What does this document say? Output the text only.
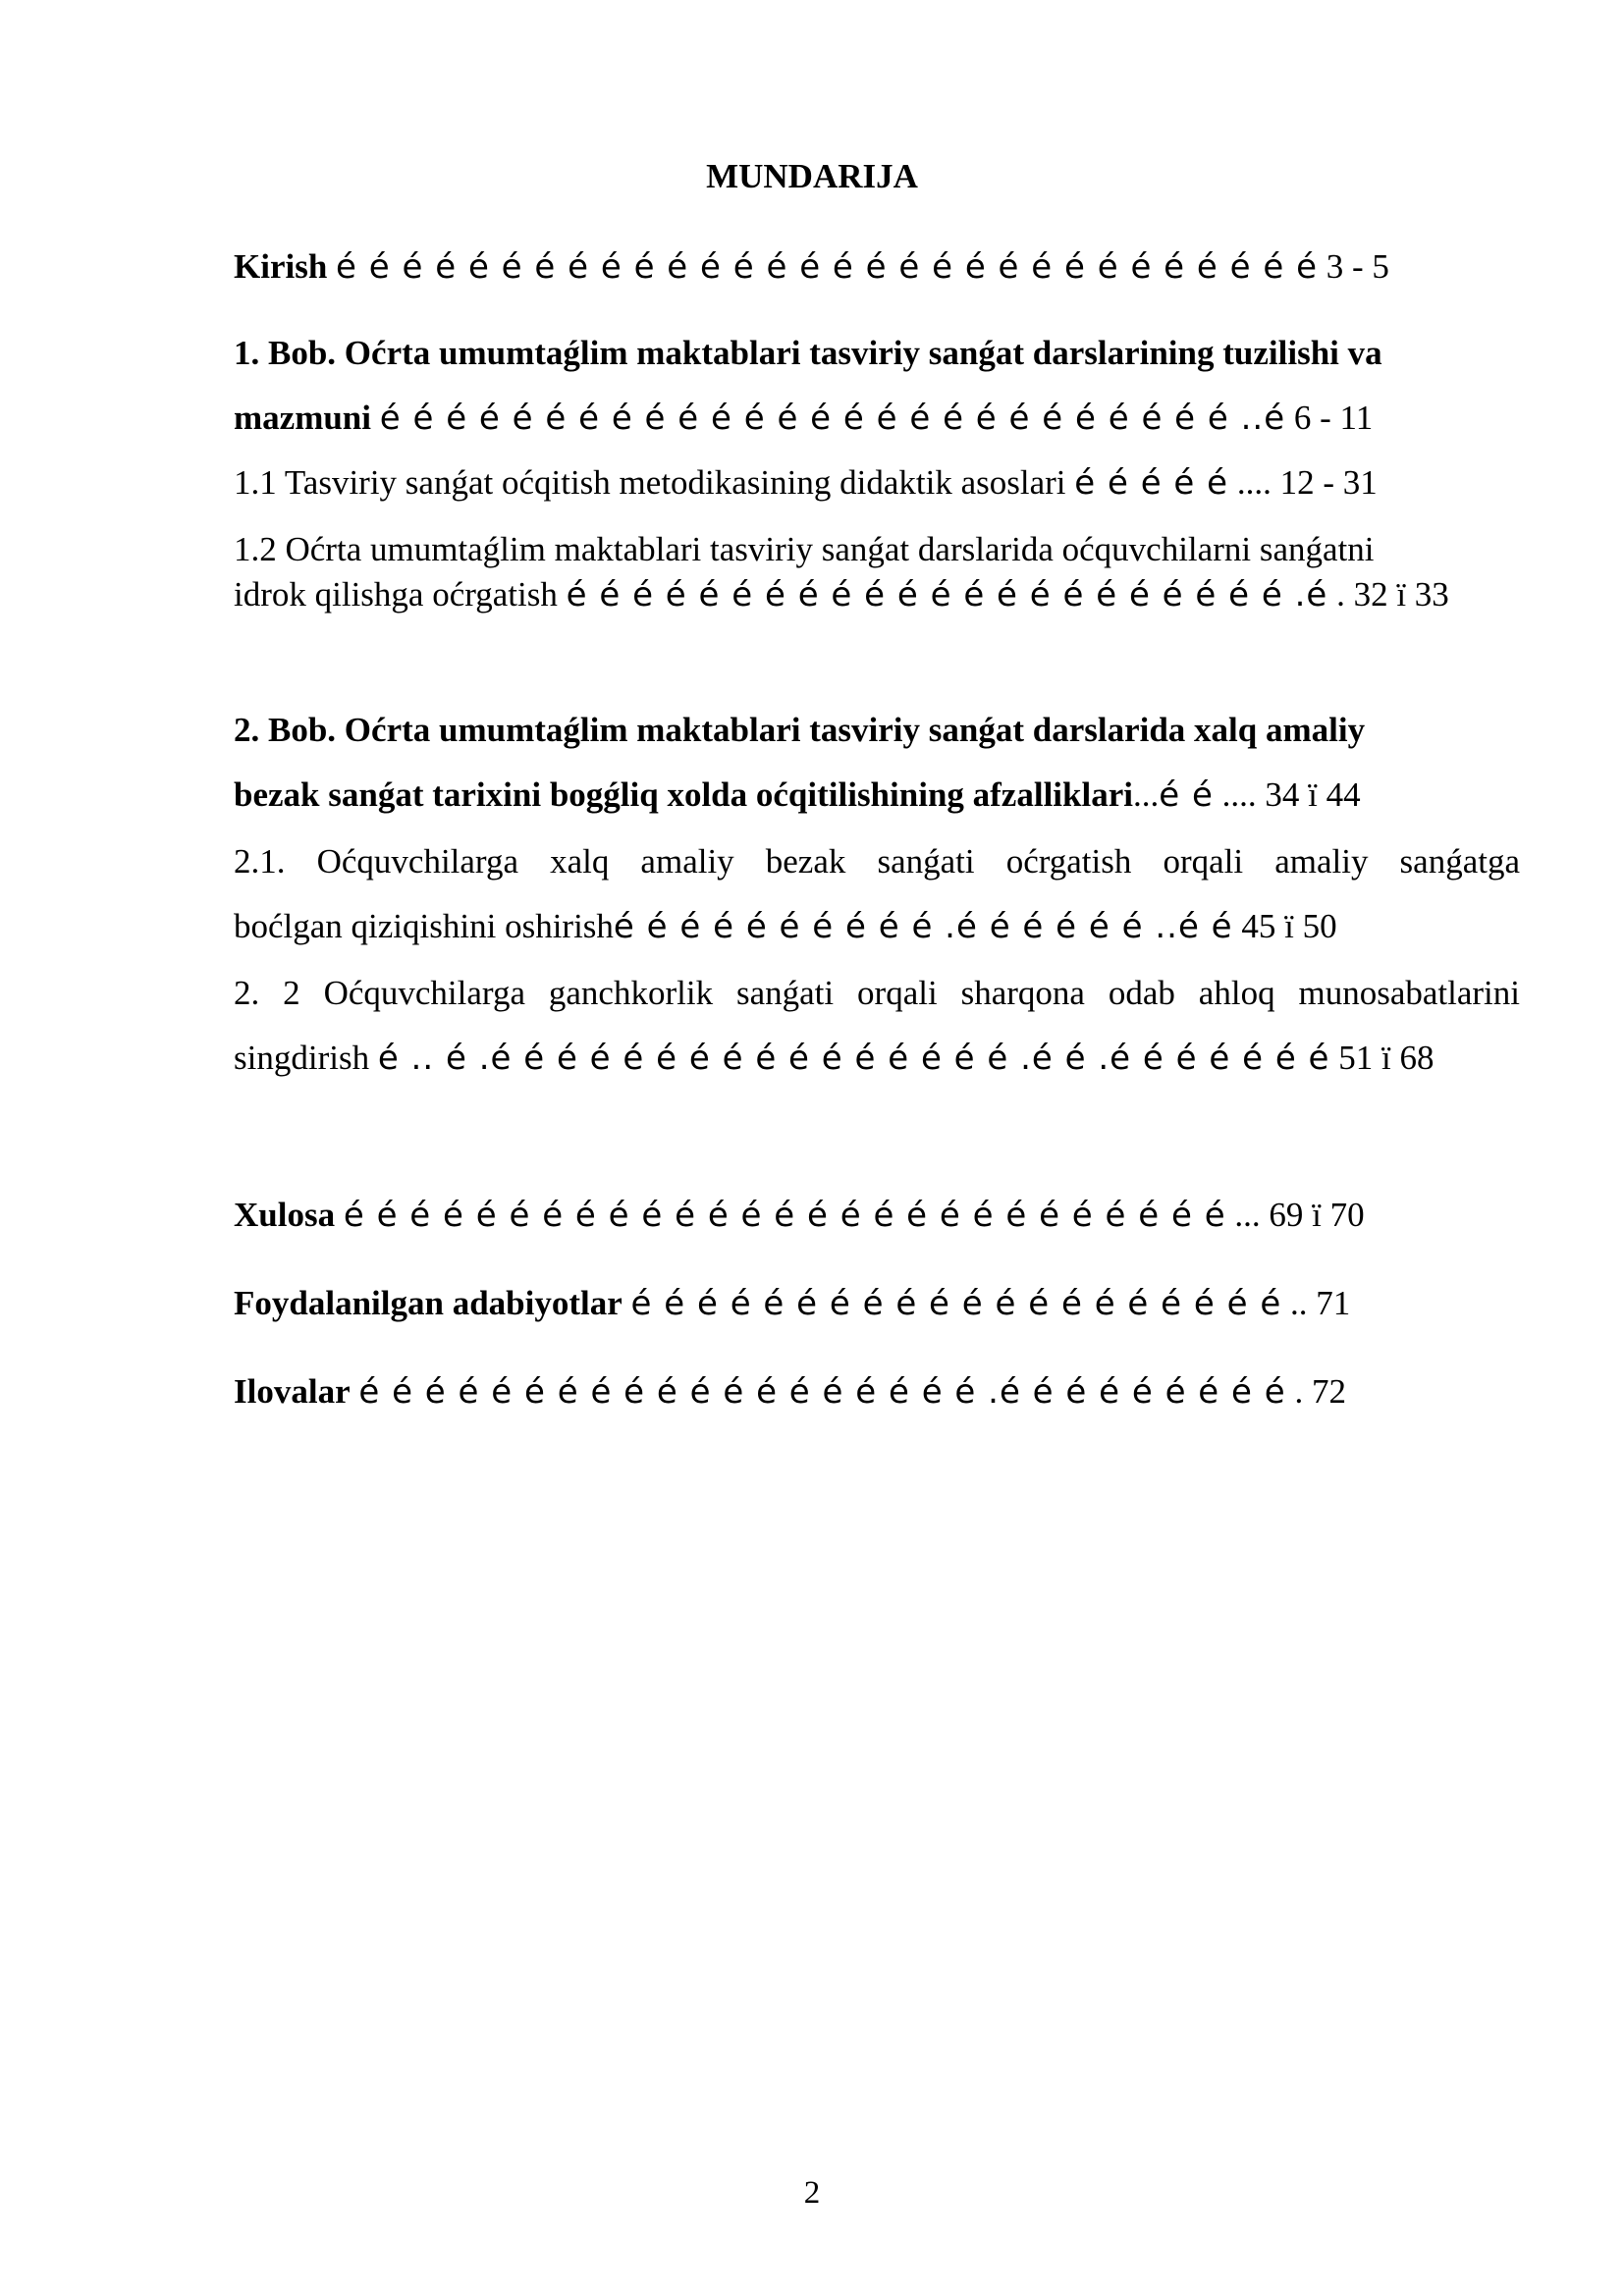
MUNDARIJA
Kirish é é é é é é é é é é é é é é é é é é é é é é é é é é é é é é 3 - 5
1. Bob. Oćrta umumtaǵlim maktablari tasviriy sanǵat darslarining tuzilishi va
mazmuni é é é é é é é é é é é é é é é é é é é é é é é é é é ..é 6 - 11
1.1 Tasviriy sanǵat oćqitish metodikasining didaktik asoslari é é é é é .... 12 - 31
1.2 Oćrta umumtaǵlim maktablari tasviriy sanǵat darslarida oćquvchilarni sanǵatni
idrok qilishga oćrgatish é é é é é é é é é é é é é é é é é é é é é é .é . 32 ï 33
2. Bob. Oćrta umumtaǵlim maktablari tasviriy sanǵat darslarida xalq amaliy
bezak sanǵat tarixini bogǵliq xolda oćqitilishining afzalliklari...é é .... 34 ï 44
2.1. Oćquvchilarga xalq amaliy bezak sanǵati oćrgatish orqali amaliy sanǵatga
boćlgan qiziqishini oshirishé é é é é é é é é é .é é é é é é ..é é 45 ï 50
2. 2 Oćquvchilarga ganchkorlik sanǵati orqali sharqona odab ahloq munosabatlarini
singdirish é .. é .é é é é é é é é é é é é é é é é .é é .é é é é é é é 51 ï 68
Xulosa é é é é é é é é é é é é é é é é é é é é é é é é é é é ... 69 ï 70
Foydalanilgan adabiyotlar é é é é é é é é é é é é é é é é é é é é .. 71
Ilovalar é é é é é é é é é é é é é é é é é é é .é é é é é é é é é . 72
2
